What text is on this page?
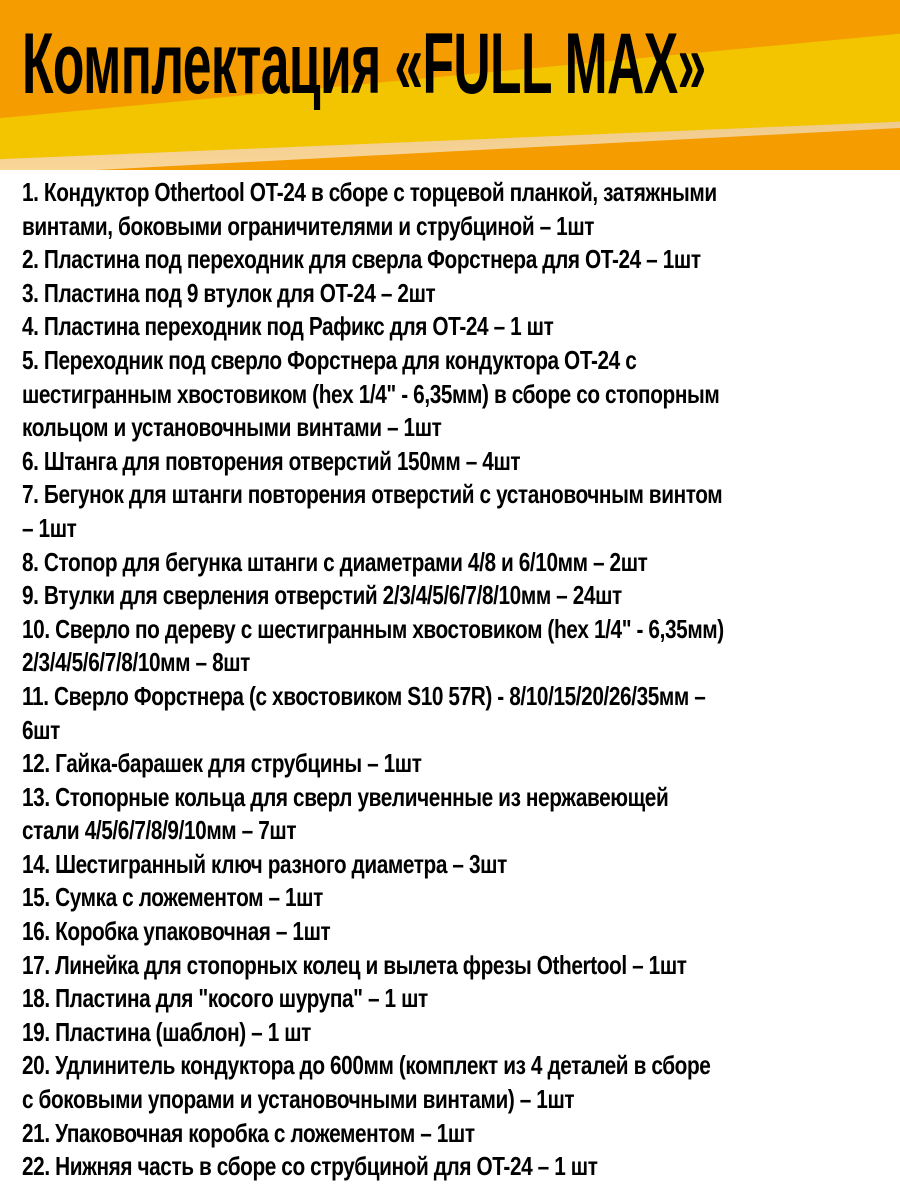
Комплектация «FULL MAX»
1. Кондуктор Othertool OT-24 в сборе с торцевой планкой, затяжными
винтами, боковыми ограничителями и струбциной – 1шт
2. Пластина под переходник для сверла Форстнера для OT-24 – 1шт
3. Пластина под 9 втулок для OT-24 – 2шт
4. Пластина переходник под Рафикс для OT-24 – 1 шт
5. Переходник под сверло Форстнера для кондуктора OT-24 с
шестигранным хвостовиком (hex 1/4" - 6,35мм) в сборе со стопорным
кольцом и установочными винтами – 1шт
6. Штанга для повторения отверстий 150мм – 4шт
7. Бегунок для штанги повторения отверстий с установочным винтом
– 1шт
8. Стопор для бегунка штанги с диаметрами 4/8 и 6/10мм – 2шт
9. Втулки для сверления отверстий 2/3/4/5/6/7/8/10мм – 24шт
10. Сверло по дереву с шестигранным хвостовиком (hex 1/4" - 6,35мм)
2/3/4/5/6/7/8/10мм – 8шт
11. Сверло Форстнера (с хвостовиком S10 57R) - 8/10/15/20/26/35мм –
6шт
12. Гайка-барашек для струбцины – 1шт
13. Стопорные кольца для сверл увеличенные из нержавеющей
стали 4/5/6/7/8/9/10мм – 7шт
14. Шестигранный ключ разного диаметра – 3шт
15. Сумка с ложементом – 1шт
16. Коробка упаковочная – 1шт
17. Линейка для стопорных колец и вылета фрезы Othertool – 1шт
18. Пластина для "косого шурупа" – 1 шт
19. Пластина (шаблон) – 1 шт
20. Удлинитель кондуктора до 600мм (комплект из 4 деталей в сборе
с боковыми упорами и установочными винтами) – 1шт
21. Упаковочная коробка с ложементом – 1шт
22. Нижняя часть в сборе со струбциной для OT-24 – 1 шт
